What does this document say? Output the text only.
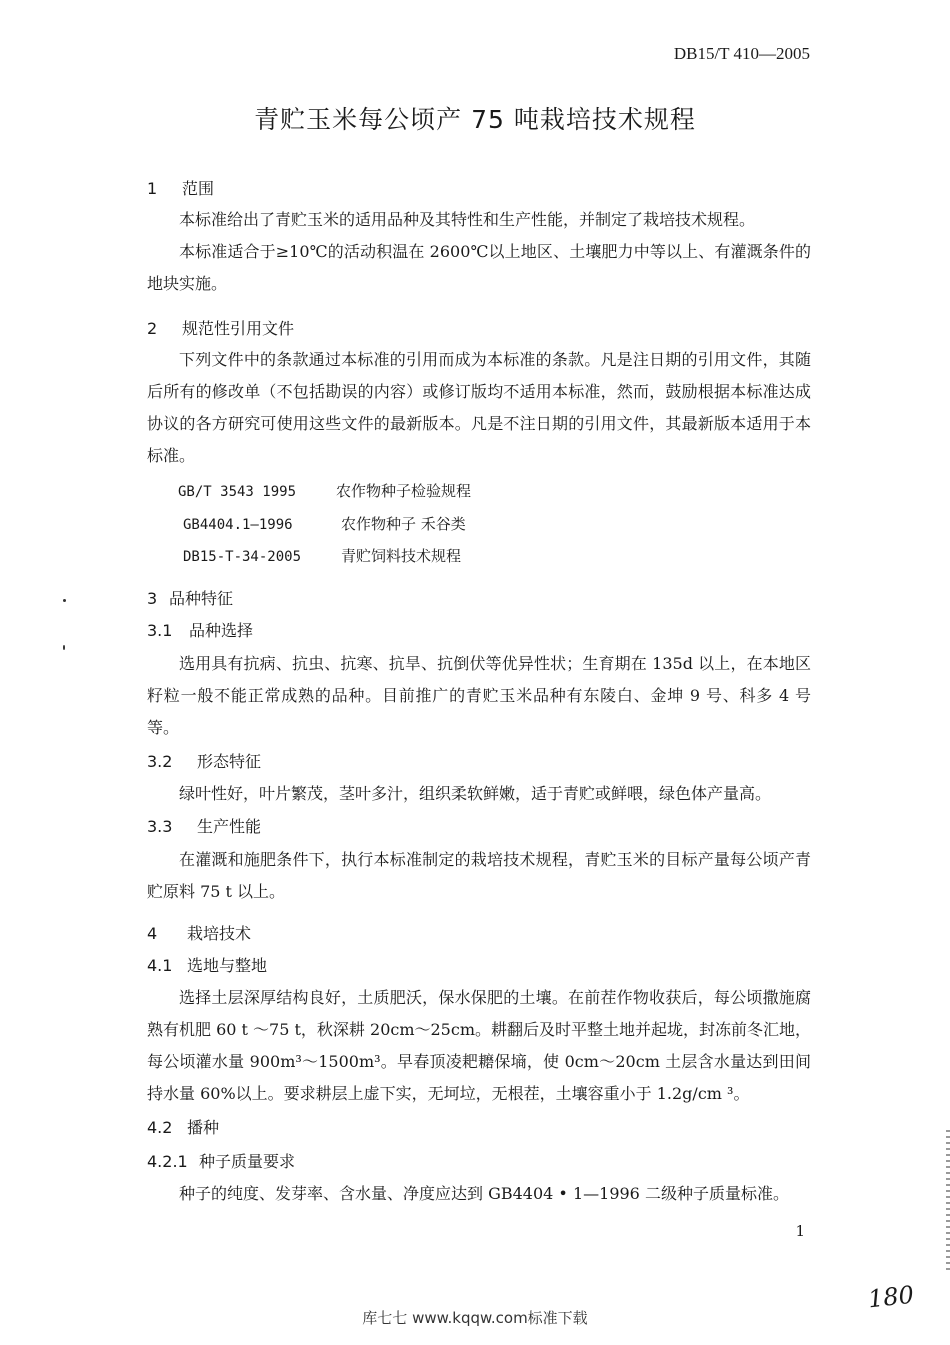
DB15/T 410—2005
青贮玉米每公顷产 75 吨栽培技术规程
1 范围
本标准给出了青贮玉米的适用品种及其特性和生产性能，并制定了栽培技术规程。
本标准适合于≥10℃的活动积温在 2600℃以上地区、土壤肥力中等以上、有灌溉条件的地块实施。
2 规范性引用文件
下列文件中的条款通过本标准的引用而成为本标准的条款。凡是注日期的引用文件，其随后所有的修改单（不包括勘误的内容）或修订版均不适用本标准，然而，鼓励根据本标准达成协议的各方研究可使用这些文件的最新版本。凡是不注日期的引用文件，其最新版本适用于本标准。
GB/T 3543 1995	农作物种子检验规程
GB4404.1—1996	农作物种子 禾谷类
DB15-T-34-2005	青贮饲料技术规程
3 品种特征
3.1 品种选择
选用具有抗病、抗虫、抗寒、抗旱、抗倒伏等优异性状；生育期在 135d 以上，在本地区籽粒一般不能正常成熟的品种。目前推广的青贮玉米品种有东陵白、金坤 9 号、科多 4 号等。
3.2 形态特征
绿叶性好，叶片繁茂，茎叶多汁，组织柔软鲜嫩，适于青贮或鲜喂，绿色体产量高。
3.3 生产性能
在灌溉和施肥条件下，执行本标准制定的栽培技术规程，青贮玉米的目标产量每公顷产青贮原料 75 t 以上。
4 栽培技术
4.1 选地与整地
选择土层深厚结构良好，土质肥沃，保水保肥的土壤。在前茬作物收获后，每公顷撒施腐熟有机肥 60 t ～75 t，秋深耕 20cm～25cm。耕翻后及时平整土地并起垅，封冻前冬汇地，每公顷灌水量 900m³～1500m³。早春顶凌耙耱保墒，使 0cm～20cm 土层含水量达到田间持水量 60%以上。要求耕层上虚下实，无坷垃，无根茬，土壤容重小于 1.2g/cm ³。
4.2 播种
4.2.1 种子质量要求
种子的纯度、发芽率、含水量、净度应达到 GB4404 • 1—1996 二级种子质量标准。
1
180
库七七 www.kqqw.com标准下载
